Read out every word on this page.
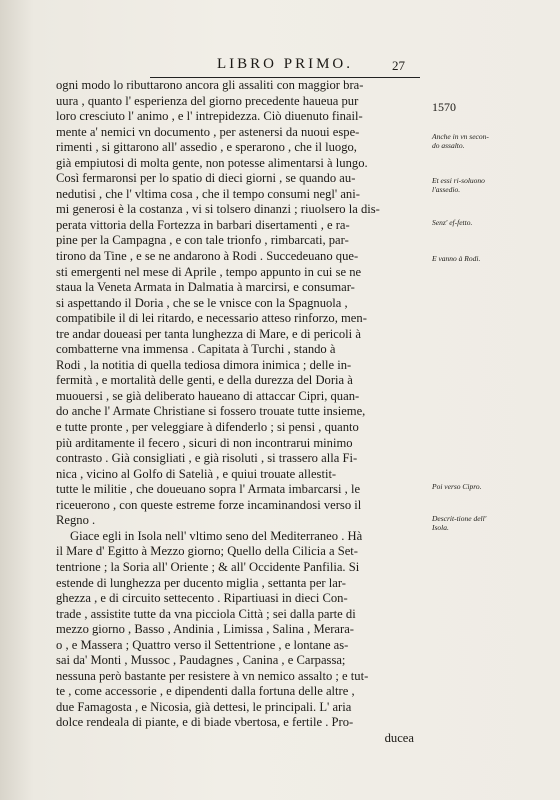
LIBRO PRIMO.	27
1570
Anche in vn secon-do assalto.
Et essi ri-soluono l'assedio.
Senz' ef-fetto.
E vanno à Rodi.
Poi verso Cipro.
Descrit-tione dell' Isola.
ogni modo lo ributtarono ancora gli assaliti con maggior bra-
uura , quanto l' esperienza del giorno precedente haueua pur
loro cresciuto l' animo , e l' intrepidezza. Ciò diuenuto finail-
mente a' nemici vn documento , per astenersi da nuoui espe-
rimenti , si gittarono all' assedio , e sperarono , che il luogo,
già empiutosi di molta gente, non potesse alimentarsi à lungo.
Così fermaronsi per lo spatio di dieci giorni , se quando au-
nedutisi , che l' vltima cosa , che il tempo consumi negl' ani-
mi generosi è la costanza , vi si tolsero dinanzi ; riuolsero la dis-
perata vittoria della Fortezza in barbari disertamenti , e ra-
pine per la Campagna , e con tale trionfo , rimbarcati, par-
tirono da Tine , e se ne andarono à Rodi . Succedeuano que-
sti emergenti nel mese di Aprile , tempo appunto in cui se ne
staua la Veneta Armata in Dalmatia à marcirsi, e consumar-
si aspettando il Doria , che se le vnisce con la Spagnuola ,
compatibile il di lei ritardo, e necessario atteso rinforzo, men-
tre andar doueasi per tanta lunghezza di Mare, e di pericoli à
combatterne vna immensa . Capitata à Turchi , stando à
Rodi , la notitia di quella tediosa dimora inimica ; delle in-
fermità , e mortalità delle genti, e della durezza del Doria à
muouersi , se già deliberato haueano di attaccar Cipri, quan-
do anche l' Armate Christiane si fossero trouate tutte insieme,
e tutte pronte , per veleggiare à difenderlo ; si pensi , quanto
più arditamente il fecero , sicuri di non incontrarui minimo
contrasto . Già consigliati , e già risoluti , si trassero alla Fi-
nica , vicino al Golfo di Satelià , e quiui trouate allestit-
tutte le militie , che doueuano sopra l' Armata imbarcarsi , le
riceuerono , con queste estreme forze incaminandosi verso il
Regno .
Giace egli in Isola nell' vltimo seno del Mediterraneo . Hà
il Mare d' Egitto à Mezzo giorno; Quello della Cilicia a Set-
tentrione ; la Soria all' Oriente ; & all' Occidente Panfilia. Si
estende di lunghezza per ducento miglia , settanta per lar-
ghezza , e di circuito settecento . Ripartiuasi in dieci Con-
trade , assistite tutte da vna picciola Città ; sei dalla parte di
mezzo giorno , Basso , Andinia , Limissa , Salina , Merara-
o , e Massera ; Quattro verso il Settentrione , e lontane as-
sai da' Monti , Mussoc , Paudagnes , Canina , e Carpassa;
nessuna però bastante per resistere à vn nemico assalto ; e tut-
te , come accessorie , e dipendenti dalla fortuna delle altre ,
due Famagosta , e Nicosia, già dettesi, le principali. L' aria
dolce rendeala di piante, e di biade vbertosa, e fertile . Pro-
ducea
